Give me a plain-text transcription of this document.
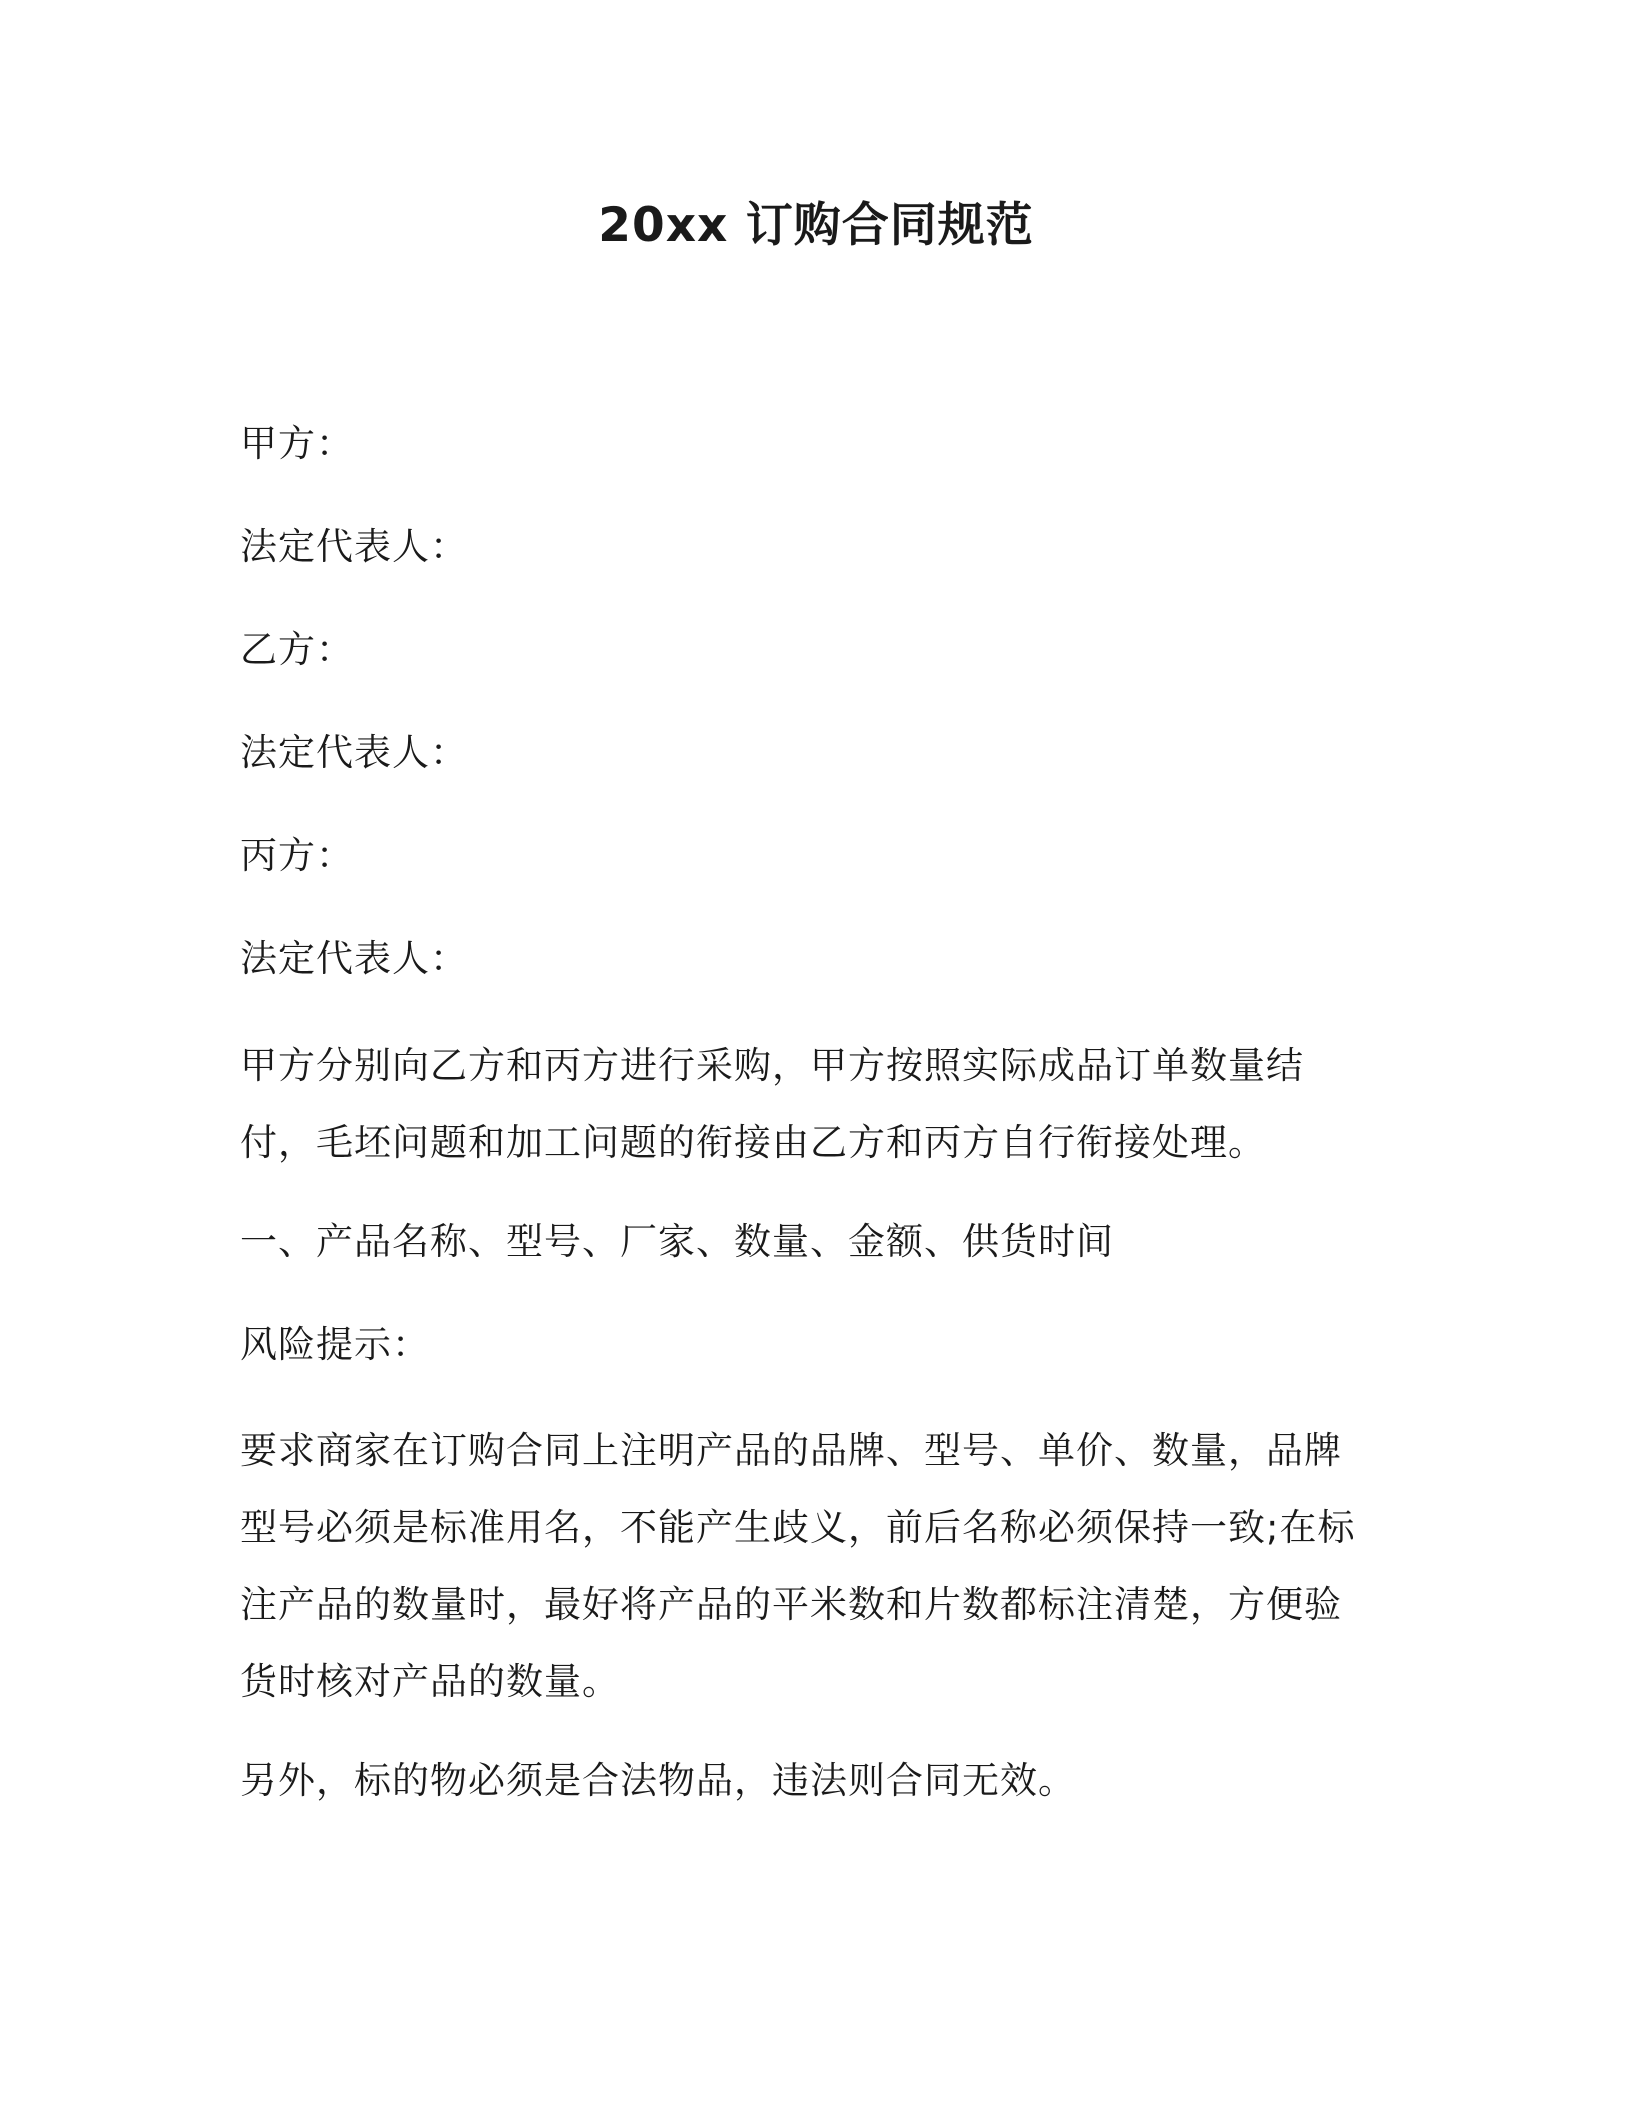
20xx 订购合同规范
甲方：
法定代表人：
乙方：
法定代表人：
丙方：
法定代表人：
甲方分别向乙方和丙方进行采购，甲方按照实际成品订单数量结付，毛坯问题和加工问题的衔接由乙方和丙方自行衔接处理。
一、产品名称、型号、厂家、数量、金额、供货时间
风险提示：
要求商家在订购合同上注明产品的品牌、型号、单价、数量，品牌型号必须是标准用名，不能产生歧义，前后名称必须保持一致;在标注产品的数量时，最好将产品的平米数和片数都标注清楚，方便验货时核对产品的数量。
另外，标的物必须是合法物品，违法则合同无效。
